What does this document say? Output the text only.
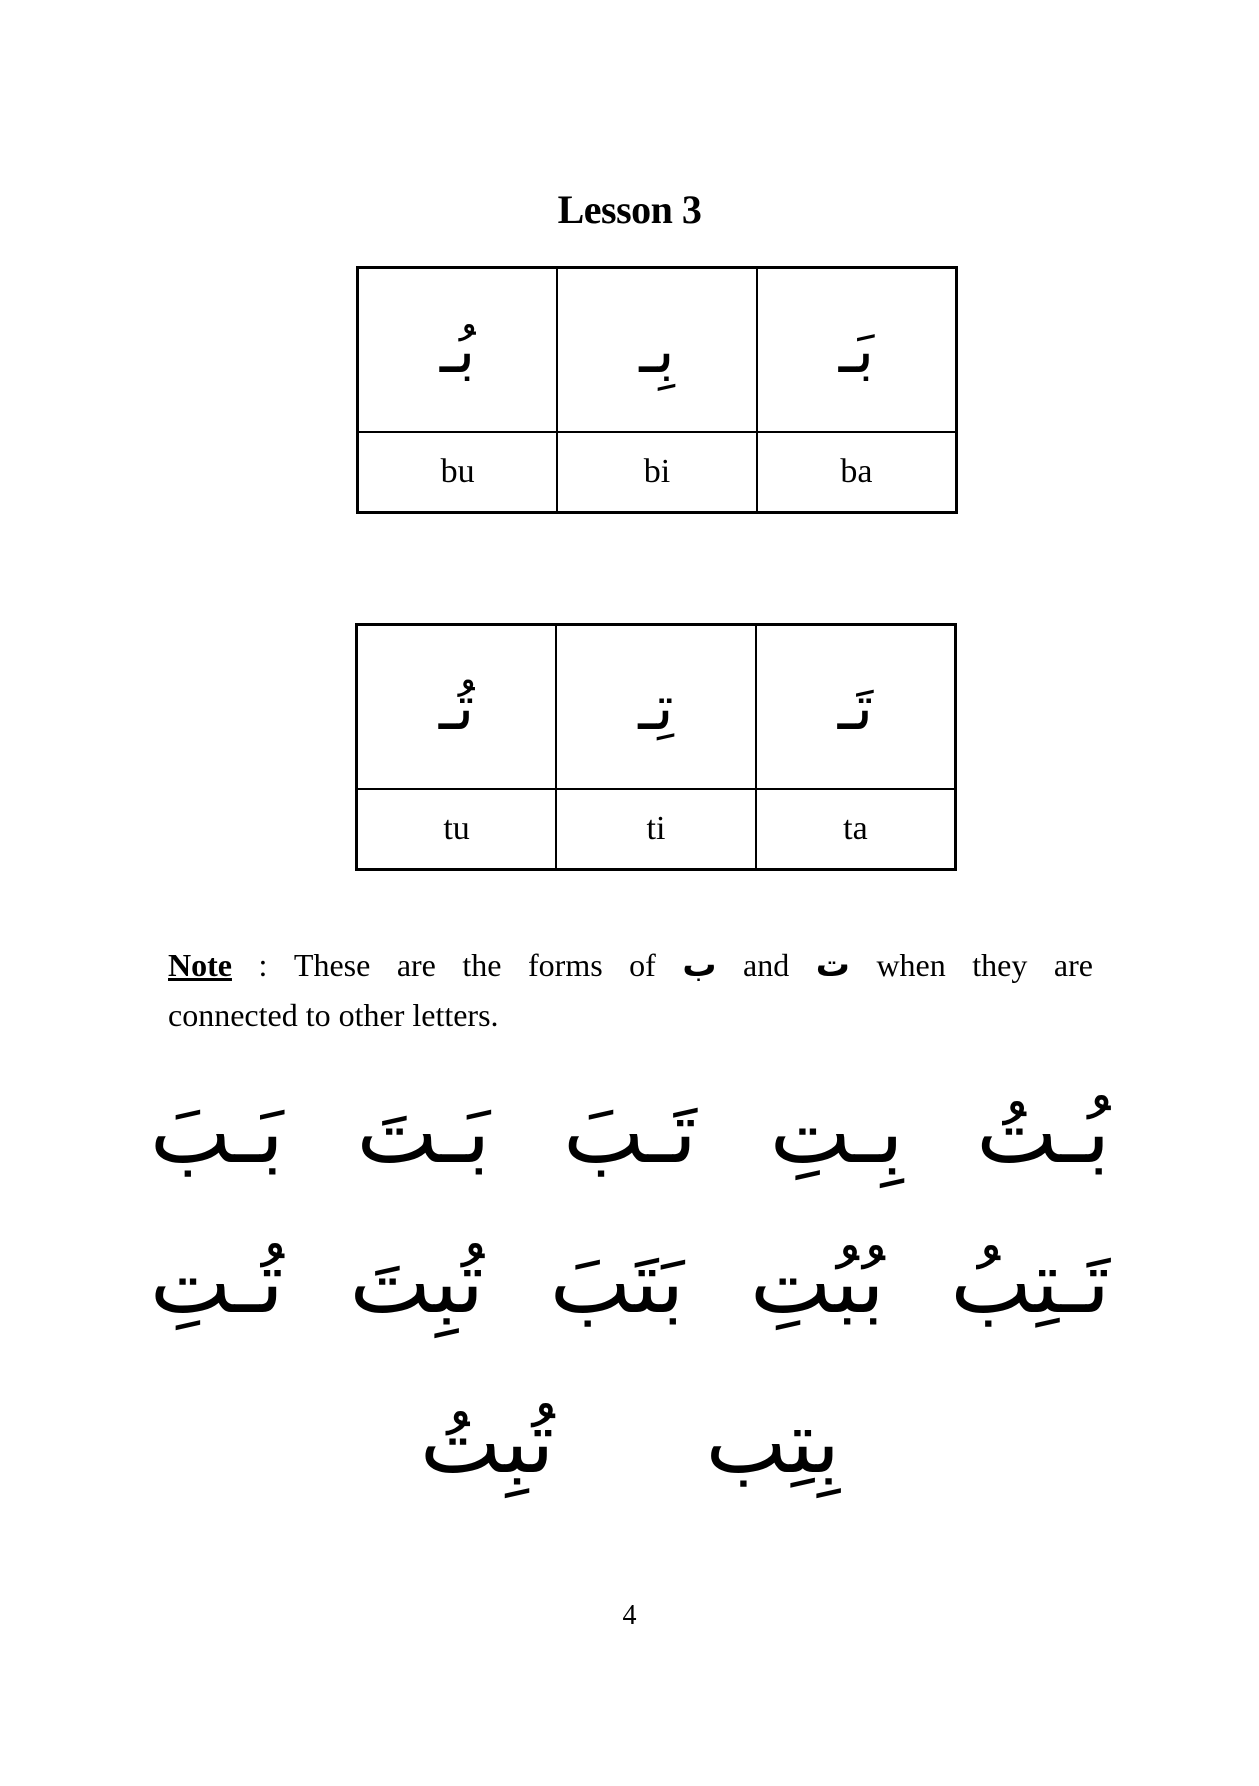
Lesson 3
بُـ	بِـ	بَـ
bu	bi	ba
تُـ	تِـ	تَـ
tu	ti	ta
Note : These are the forms of ب and ت when they are
connected to other letters.
بَـبَ بَـتَ تَـبَ بِـتِ بُـتُ
تُـتِ تُبِتَ بَتَبَ بُبُتِ تَـتِبُ
تُبِتُ بِتِب
4
